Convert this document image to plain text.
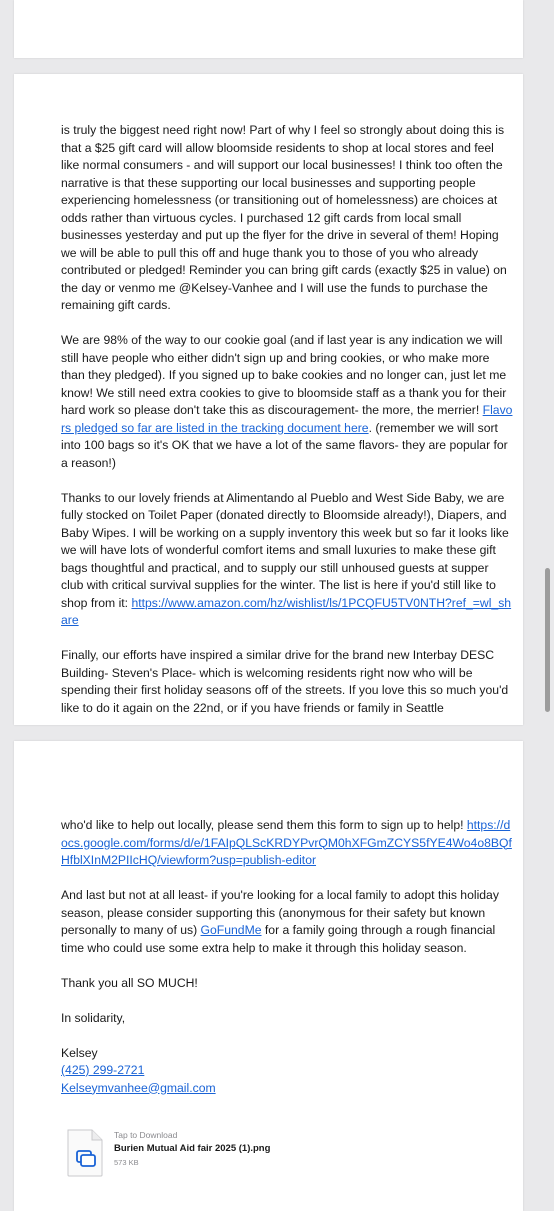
is truly the biggest need right now! Part of why I feel so strongly about doing this is that a $25 gift card will allow bloomside residents to shop at local stores and feel like normal consumers - and will support our local businesses! I think too often the narrative is that these supporting our local businesses and supporting people experiencing homelessness (or transitioning out of homelessness) are choices at odds rather than virtuous cycles. I purchased 12 gift cards from local small businesses yesterday and put up the flyer for the drive in several of them! Hoping we will be able to pull this off and huge thank you to those of you who already contributed or pledged! Reminder you can bring gift cards (exactly $25 in value) on the day or venmo me @Kelsey-Vanhee and I will use the funds to purchase the remaining gift cards.

We are 98% of the way to our cookie goal (and if last year is any indication we will still have people who either didn't sign up and bring cookies, or who make more than they pledged). If you signed up to bake cookies and no longer can, just let me know! We still need extra cookies to give to bloomside staff as a thank you for their hard work so please don't take this as discouragement- the more, the merrier! Flavors pledged so far are listed in the tracking document here. (remember we will sort into 100 bags so it's OK that we have a lot of the same flavors- they are popular for a reason!)

Thanks to our lovely friends at Alimentando al Pueblo and West Side Baby, we are fully stocked on Toilet Paper (donated directly to Bloomside already!), Diapers, and Baby Wipes. I will be working on a supply inventory this week but so far it looks like we will have lots of wonderful comfort items and small luxuries to make these gift bags thoughtful and practical, and to supply our still unhoused guests at supper club with critical survival supplies for the winter. The list is here if you'd still like to shop from it: https://www.amazon.com/hz/wishlist/ls/1PCQFU5TV0NTH?ref_=wl_share

Finally, our efforts have inspired a similar drive for the brand new Interbay DESC Building- Steven's Place- which is welcoming residents right now who will be spending their first holiday seasons off of the streets. If you love this so much you'd like to do it again on the 22nd, or if you have friends or family in Seattle

who'd like to help out locally, please send them this form to sign up to help! https://docs.google.com/forms/d/e/1FAIpQLScKRDYPvrQM0hXFGmZCYS5fYE4Wo4o8BQfHfblXInM2PIIcHQ/viewform?usp=publish-editor

And last but not at all least- if you're looking for a local family to adopt this holiday season, please consider supporting this (anonymous for their safety but known personally to many of us) GoFundMe for a family going through a rough financial time who could use some extra help to make it through this holiday season.

Thank you all SO MUCH!

In solidarity,

Kelsey

(425) 299-2721

Kelseymvanhee@gmail.com

Tap to Download
Burien Mutual Aid fair 2025 (1).png
573 KB
